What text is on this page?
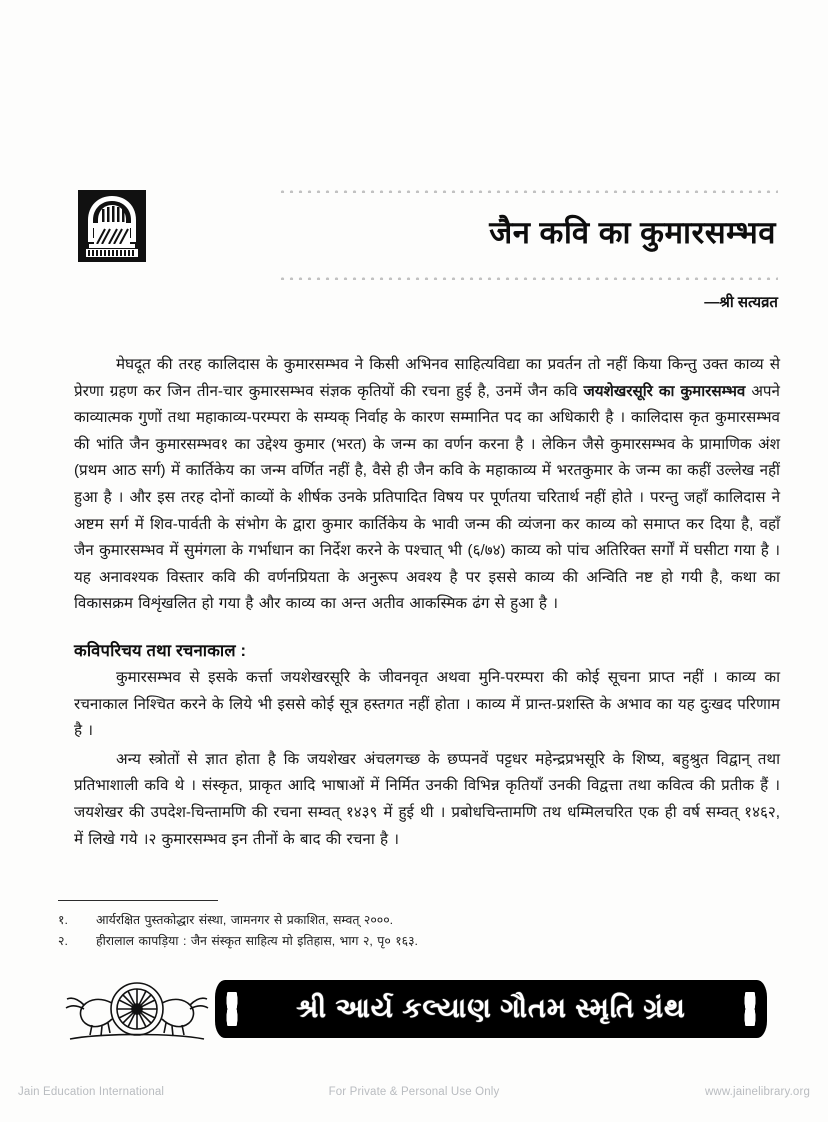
जैन कवि का कुमारसम्भव
—श्री सत्यव्रत

मेघदूत की तरह कालिदास के कुमारसम्भव ने किसी अभिनव साहित्यविद्या का प्रवर्तन तो नहीं किया किन्तु उक्त काव्य से प्रेरणा ग्रहण कर जिन तीन-चार कुमारसम्भव संज्ञक कृतियों की रचना हुई है, उनमें जैन कवि जयशेखरसूरि का कुमारसम्भव अपने काव्यात्मक गुणों तथा महाकाव्य-परम्परा के सम्यक् निर्वाह के कारण सम्मानित पद का अधिकारी है । कालिदास कृत कुमारसम्भव की भांति जैन कुमारसम्भव१ का उद्देश्य कुमार (भरत) के जन्म का वर्णन करना है । लेकिन जैसे कुमारसम्भव के प्रामाणिक अंश (प्रथम आठ सर्ग) में कार्तिकेय का जन्म वर्णित नहीं है, वैसे ही जैन कवि के महाकाव्य में भरतकुमार के जन्म का कहीं उल्लेख नहीं हुआ है । और इस तरह दोनों काव्यों के शीर्षक उनके प्रतिपादित विषय पर पूर्णतया चरितार्थ नहीं होते । परन्तु जहाँ कालिदास ने अष्टम सर्ग में शिव-पार्वती के संभोग के द्वारा कुमार कार्तिकेय के भावी जन्म की व्यंजना कर काव्य को समाप्त कर दिया है, वहाँ जैन कुमारसम्भव में सुमंगला के गर्भाधान का निर्देश करने के पश्चात् भी (६/७४) काव्य को पांच अतिरिक्त सर्गों में घसीटा गया है । यह अनावश्यक विस्तार कवि की वर्णनप्रियता के अनुरूप अवश्य है पर इससे काव्य की अन्विति नष्ट हो गयी है, कथा का विकासक्रम विशृंखलित हो गया है और काव्य का अन्त अतीव आकस्मिक ढंग से हुआ है ।

कविपरिचय तथा रचनाकाल :

कुमारसम्भव से इसके कर्त्ता जयशेखरसूरि के जीवनवृत अथवा मुनि-परम्परा की कोई सूचना प्राप्त नहीं । काव्य का रचनाकाल निश्चित करने के लिये भी इससे कोई सूत्र हस्तगत नहीं होता । काव्य में प्रान्त-प्रशस्ति के अभाव का यह दुःखद परिणाम है ।

अन्य स्त्रोतों से ज्ञात होता है कि जयशेखर अंचलगच्छ के छप्पनवें पट्टधर महेन्द्रप्रभसूरि के शिष्य, बहुश्रुत विद्वान् तथा प्रतिभाशाली कवि थे । संस्कृत, प्राकृत आदि भाषाओं में निर्मित उनकी विभिन्न कृतियाँ उनकी विद्वत्ता तथा कवित्व की प्रतीक हैं । जयशेखर की उपदेश-चिन्तामणि की रचना सम्वत् १४३९ में हुई थी । प्रबोधचिन्तामणि तथ धम्मिलचरित एक ही वर्ष सम्वत् १४६२, में लिखे गये ।२ कुमारसम्भव इन तीनों के बाद की रचना है ।

१.	आर्यरक्षित पुस्तकोद्धार संस्था, जामनगर से प्रकाशित, सम्वत् २०००.
२.	हीरालाल कापड़िया : जैन संस्कृत साहित्य मो इतिहास, भाग २, पृ० १६३.
શ્રી આર્ય કલ્યાણ ગૌતમ સ્મૃતિ ગ્રંથ
Jain Education International	For Private & Personal Use Only	www.jainelibrary.org
